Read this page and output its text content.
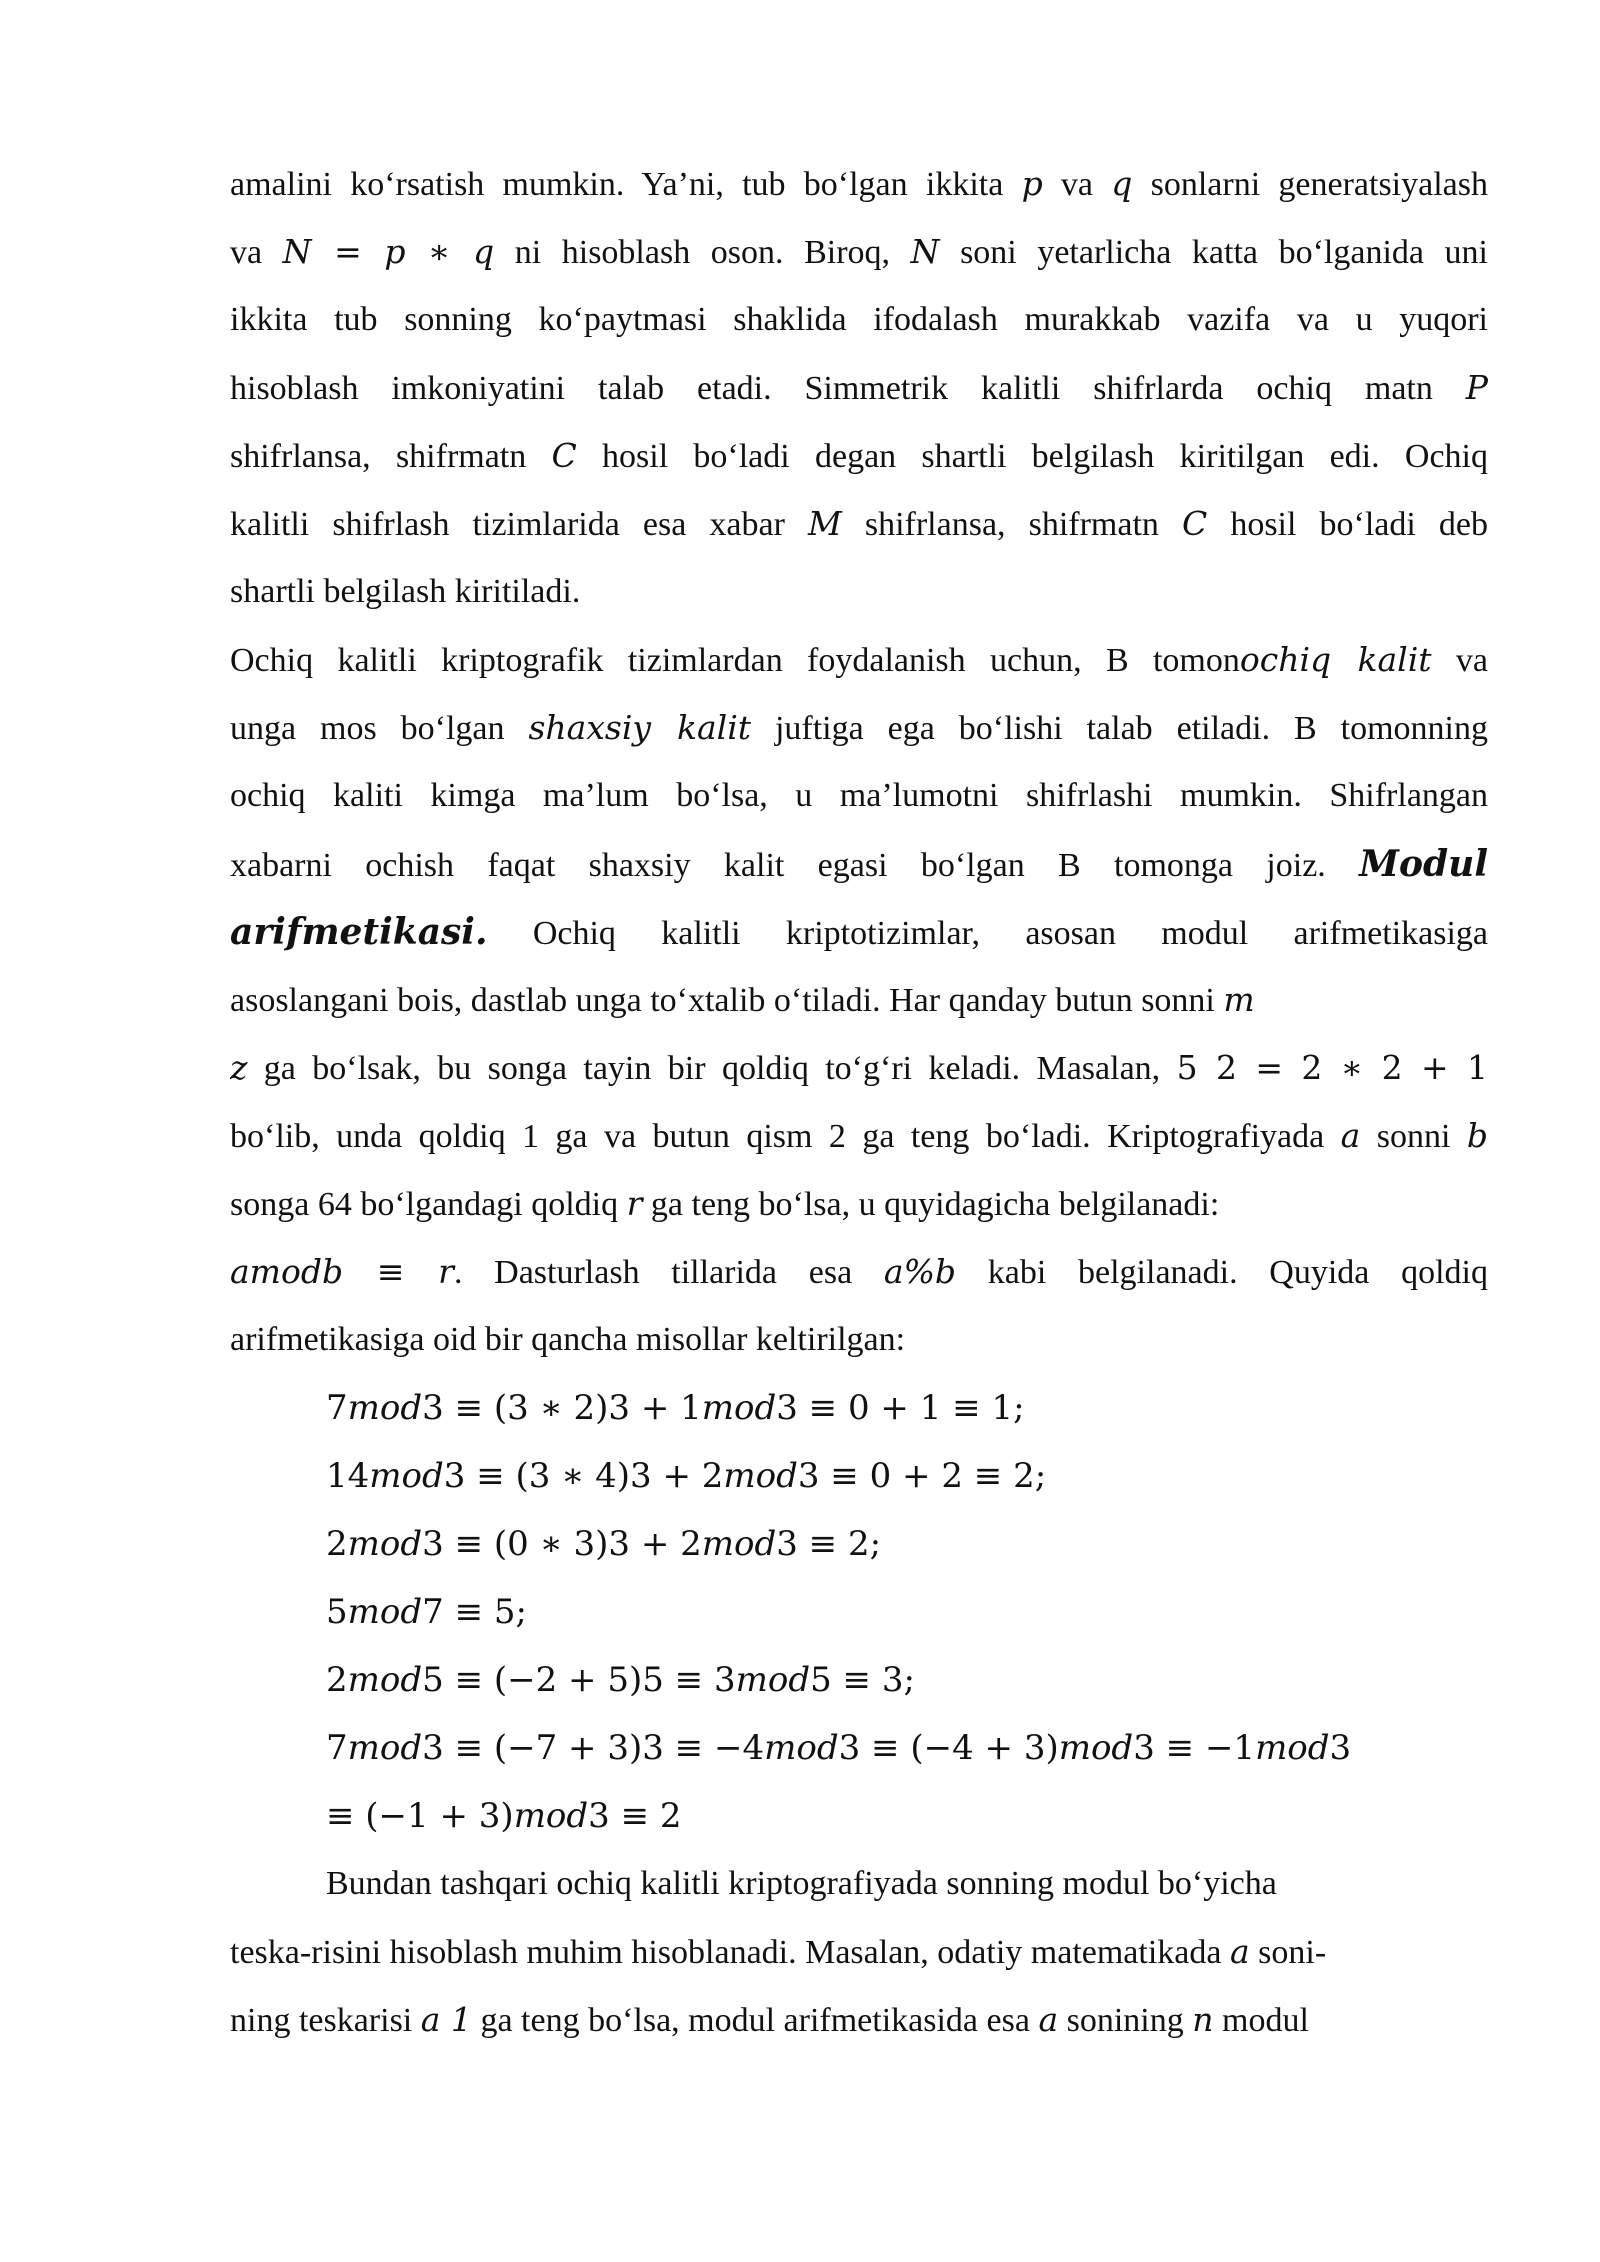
amalini ko‘rsatish mumkin. Ya’ni, tub bo‘lgan ikkita p va q sonlarni generatsiyalash
va N = p ∗ q ni hisoblash oson. Biroq, N soni yetarlicha katta bo‘lganida uni
ikkita tub sonning ko‘paytmasi shaklida ifodalash murakkab vazifa va u yuqori
hisoblash imkoniyatini talab etadi. Simmetrik kalitli shifrlarda ochiq matn P
shifrlansa, shifrmatn C hosil bo‘ladi degan shartli belgilash kiritilgan edi. Ochiq
kalitli shifrlash tizimlarida esa xabar M shifrlansa, shifrmatn C hosil bo‘ladi deb
shartli belgilash kiritiladi.
Ochiq kalitli kriptografik tizimlardan foydalanish uchun, B tomonochiq kalit va
unga mos bo‘lgan shaxsiy kalit juftiga ega bo‘lishi talab etiladi. B tomonning
ochiq kaliti kimga ma’lum bo‘lsa, u ma’lumotni shifrlashi mumkin. Shifrlangan
xabarni ochish faqat shaxsiy kalit egasi bo‘lgan B tomonga joiz. Modul
arifmetikasi. Ochiq kalitli kriptotizimlar, asosan modul arifmetikasiga
asoslangani bois, dastlab unga to‘xtalib o‘tiladi. Har qanday butun sonni m
z ga bo‘lsak, bu songa tayin bir qoldiq to‘g‘ri keladi. Masalan, 5 2 = 2 ∗ 2 + 1
bo‘lib, unda qoldiq 1 ga va butun qism 2 ga teng bo‘ladi. Kriptografiyada a sonni b
songa 64 bo‘lgandagi qoldiq r ga teng bo‘lsa, u quyidagicha belgilanadi:
amodb ≡ r. Dasturlash tillarida esa a%b kabi belgilanadi. Quyida qoldiq
arifmetikasiga oid bir qancha misollar keltirilgan:
7mod3 ≡ (3 ∗ 2)3 + 1mod3 ≡ 0 + 1 ≡ 1;
14mod3 ≡ (3 ∗ 4)3 + 2mod3 ≡ 0 + 2 ≡ 2;
2mod3 ≡ (0 ∗ 3)3 + 2mod3 ≡ 2;
5mod7 ≡ 5;
2mod5 ≡ (−2 + 5)5 ≡ 3mod5 ≡ 3;
7mod3 ≡ (−7 + 3)3 ≡ −4mod3 ≡ (−4 + 3)mod3 ≡ −1mod3
≡ (−1 + 3)mod3 ≡ 2
Bundan tashqari ochiq kalitli kriptografiyada sonning modul bo‘yicha
teska-risini hisoblash muhim hisoblanadi. Masalan, odatiy matematikada a soni-
ning teskarisi a 1 ga teng bo‘lsa, modul arifmetikasida esa a sonining n modul
